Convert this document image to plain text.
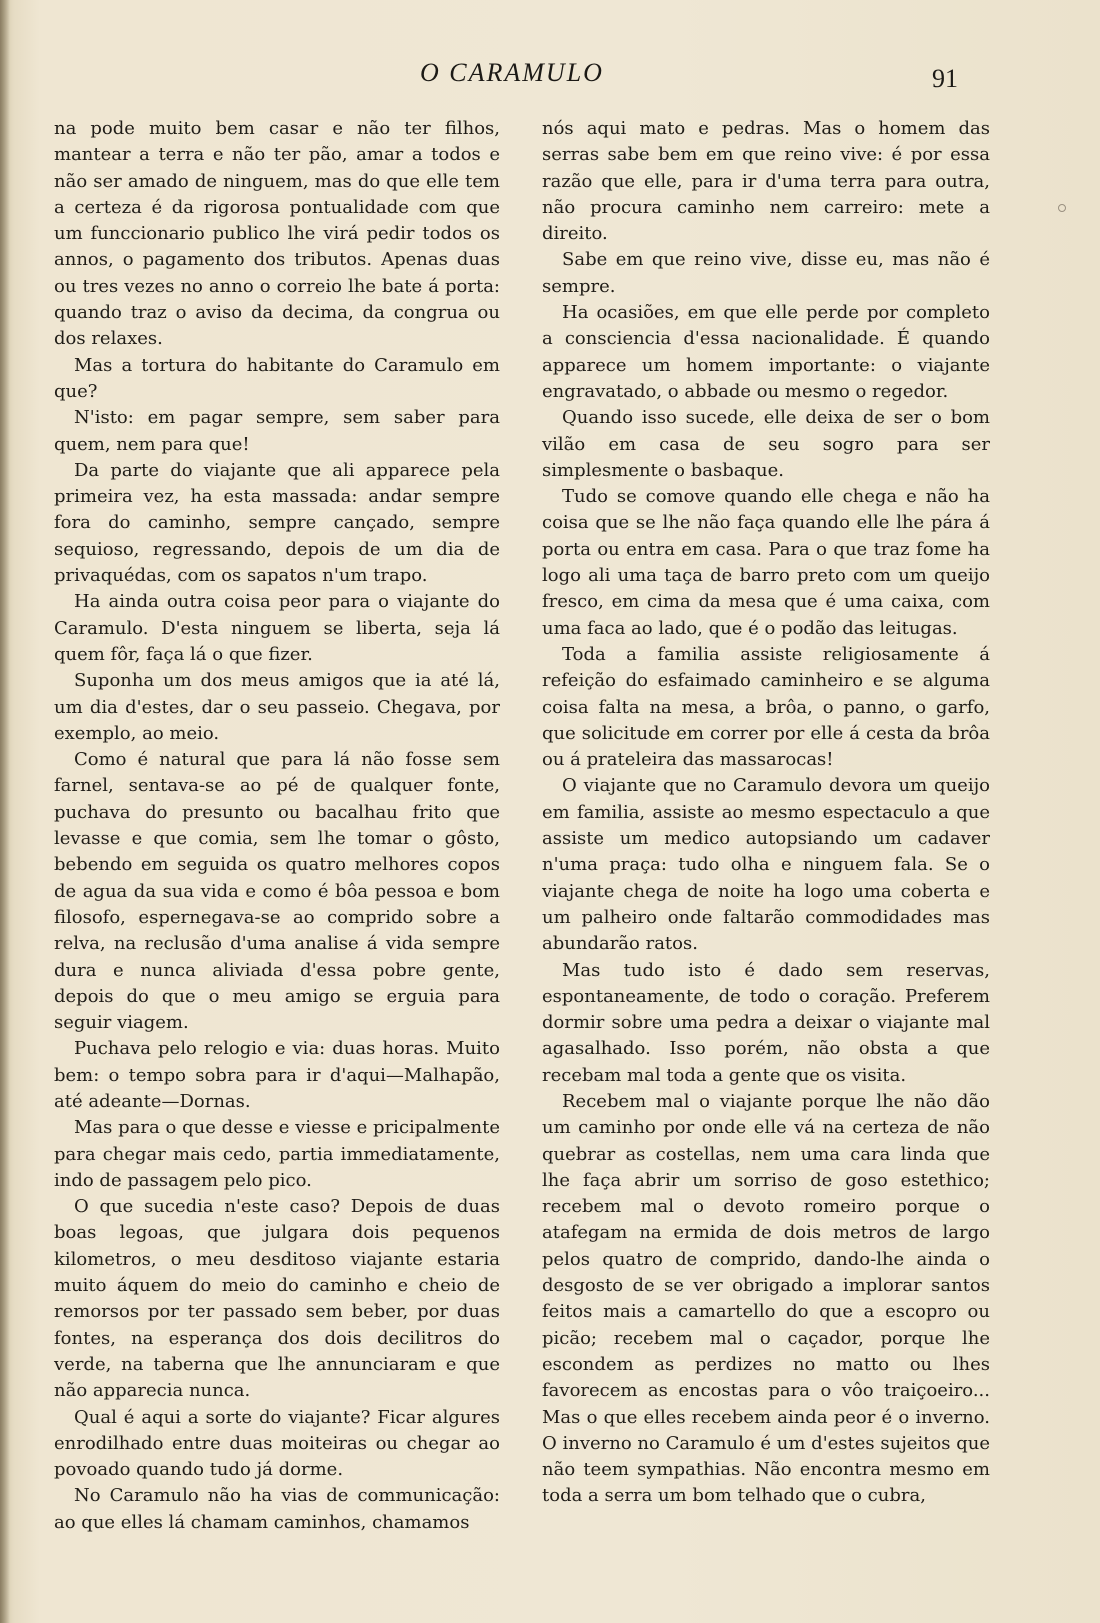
O CARAMULO	91

na pode muito bem casar e não ter filhos, mantear a terra e não ter pão, amar a todos e não ser amado de ninguem, mas do que elle tem a certeza é da rigorosa pontualidade com que um funccionario publico lhe virá pedir todos os annos, o pagamento dos tributos. Apenas duas ou tres vezes no anno o correio lhe bate á porta: quando traz o aviso da decima, da congrua ou dos relaxes.

Mas a tortura do habitante do Caramulo em que?

N'isto: em pagar sempre, sem saber para quem, nem para que!

Da parte do viajante que ali apparece pela primeira vez, ha esta massada: andar sempre fora do caminho, sempre cançado, sempre sequioso, regressando, depois de um dia de privaquédas, com os sapatos n'um trapo.

Ha ainda outra coisa peor para o viajante do Caramulo. D'esta ninguem se liberta, seja lá quem fôr, faça lá o que fizer.

Suponha um dos meus amigos que ia até lá, um dia d'estes, dar o seu passeio. Chegava, por exemplo, ao meio.

Como é natural que para lá não fosse sem farnel, sentava-se ao pé de qualquer fonte, puchava do presunto ou bacalhau frito que levasse e que comia, sem lhe tomar o gôsto, bebendo em seguida os quatro melhores copos de agua da sua vida e como é bôa pessoa e bom filosofo, espernegava-se ao comprido sobre a relva, na reclusão d'uma analise á vida sempre dura e nunca aliviada d'essa pobre gente, depois do que o meu amigo se erguia para seguir viagem.

Puchava pelo relogio e via: duas horas. Muito bem: o tempo sobra para ir d'aqui—Malhapão, até adeante—Dornas.

Mas para o que desse e viesse e pricipalmente para chegar mais cedo, partia immediatamente, indo de passagem pelo pico.

O que sucedia n'este caso? Depois de duas boas legoas, que julgara dois pequenos kilometros, o meu desditoso viajante estaria muito áquem do meio do caminho e cheio de remorsos por ter passado sem beber, por duas fontes, na esperança dos dois decilitros do verde, na taberna que lhe annunciaram e que não apparecia nunca.

Qual é aqui a sorte do viajante? Ficar algures enrodilhado entre duas moiteiras ou chegar ao povoado quando tudo já dorme.

No Caramulo não ha vias de communicação: ao que elles lá chamam caminhos, chamamos

nós aqui mato e pedras. Mas o homem das serras sabe bem em que reino vive: é por essa razão que elle, para ir d'uma terra para outra, não procura caminho nem carreiro: mete a direito.

Sabe em que reino vive, disse eu, mas não é sempre.

Ha ocasiões, em que elle perde por completo a consciencia d'essa nacionalidade. É quando apparece um homem importante: o viajante engravatado, o abbade ou mesmo o regedor.

Quando isso sucede, elle deixa de ser o bom vilão em casa de seu sogro para ser simplesmente o basbaque.

Tudo se comove quando elle chega e não ha coisa que se lhe não faça quando elle lhe pára á porta ou entra em casa. Para o que traz fome ha logo ali uma taça de barro preto com um queijo fresco, em cima da mesa que é uma caixa, com uma faca ao lado, que é o podão das leitugas.

Toda a familia assiste religiosamente á refeição do esfaimado caminheiro e se alguma coisa falta na mesa, a brôa, o panno, o garfo, que solicitude em correr por elle á cesta da brôa ou á prateleira das massarocas!

O viajante que no Caramulo devora um queijo em familia, assiste ao mesmo espectaculo a que assiste um medico autopsiando um cadaver n'uma praça: tudo olha e ninguem fala. Se o viajante chega de noite ha logo uma coberta e um palheiro onde faltarão commodidades mas abundarão ratos.

Mas tudo isto é dado sem reservas, espontaneamente, de todo o coração. Preferem dormir sobre uma pedra a deixar o viajante mal agasalhado. Isso porém, não obsta a que recebam mal toda a gente que os visita.

Recebem mal o viajante porque lhe não dão um caminho por onde elle vá na certeza de não quebrar as costellas, nem uma cara linda que lhe faça abrir um sorriso de goso estethico; recebem mal o devoto romeiro porque o atafegam na ermida de dois metros de largo pelos quatro de comprido, dando-lhe ainda o desgosto de se ver obrigado a implorar santos feitos mais a camartello do que a escopro ou picão; recebem mal o caçador, porque lhe escondem as perdizes no matto ou lhes favorecem as encostas para o vôo traiçoeiro... Mas o que elles recebem ainda peor é o inverno. O inverno no Caramulo é um d'estes sujeitos que não teem sympathias. Não encontra mesmo em toda a serra um bom telhado que o cubra,
